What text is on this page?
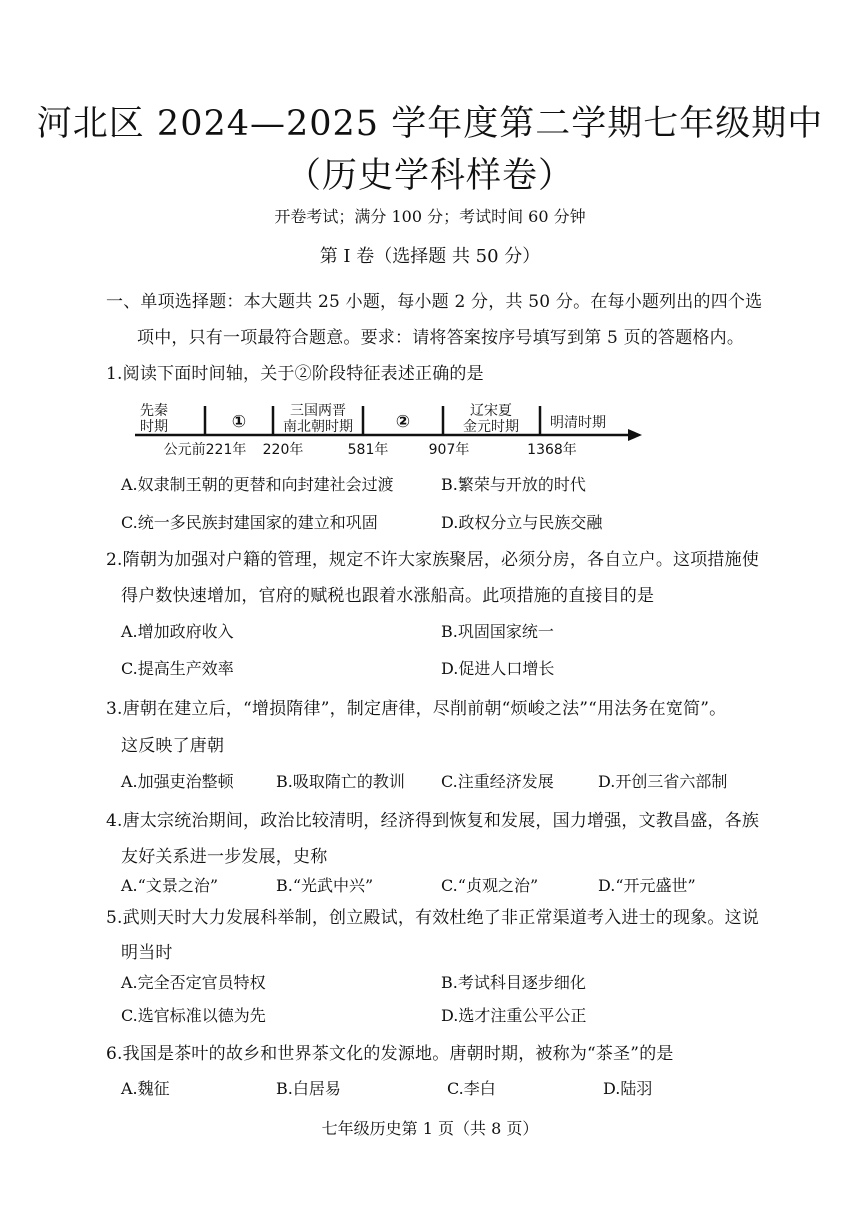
河北区 2024—2025 学年度第二学期七年级期中
（历史学科样卷）
开卷考试；满分 100 分；考试时间 60 分钟
第 I 卷（选择题 共 50 分）
一、单项选择题：本大题共 25 小题，每小题 2 分，共 50 分。在每小题列出的四个选
项中，只有一项最符合题意。要求：请将答案按序号填写到第 5 页的答题格内。
1.阅读下面时间轴，关于②阶段特征表述正确的是
先秦
时期	①
三国两晋
南北朝时期	②
辽宋夏
金元时期 明清时期
公元前221年 220年	581年	907年	1368年
A.奴隶制王朝的更替和向封建社会过渡	B.繁荣与开放的时代
C.统一多民族封建国家的建立和巩固	D.政权分立与民族交融
2.隋朝为加强对户籍的管理，规定不许大家族聚居，必须分房，各自立户。这项措施使
得户数快速增加，官府的赋税也跟着水涨船高。此项措施的直接目的是
A.增加政府收入	B.巩固国家统一
C.提高生产效率	D.促进人口增长
3.唐朝在建立后，“增损隋律”，制定唐律，尽削前朝“烦峻之法”“用法务在宽简”。
这反映了唐朝
A.加强吏治整顿	B.吸取隋亡的教训 C.注重经济发展	D.开创三省六部制
4.唐太宗统治期间，政治比较清明，经济得到恢复和发展，国力增强，文教昌盛，各族
友好关系进一步发展，史称
A.“文景之治”	B.“光武中兴”	C.“贞观之治”	D.“开元盛世”
5.武则天时大力发展科举制，创立殿试，有效杜绝了非正常渠道考入进士的现象。这说
明当时
A.完全否定官员特权	B.考试科目逐步细化
C.选官标准以德为先	D.选才注重公平公正
6.我国是茶叶的故乡和世界茶文化的发源地。唐朝时期，被称为“茶圣”的是
A.魏征	B.白居易	C.李白	D.陆羽
七年级历史第 1 页（共 8 页）
